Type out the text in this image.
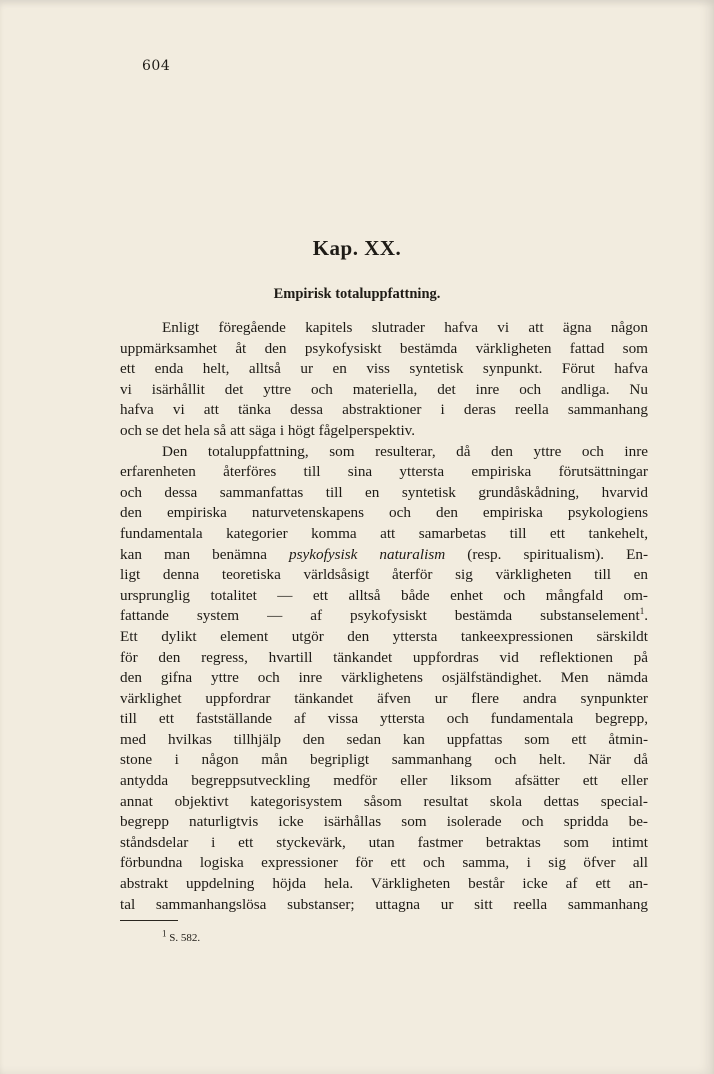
604
Kap. XX.
Empirisk totaluppfattning.
Enligt föregående kapitels slutrader hafva vi att ägna någon
uppmärksamhet åt den psykofysiskt bestämda värkligheten fattad som
ett enda helt, alltså ur en viss syntetisk synpunkt. Förut hafva
vi isärhållit det yttre och materiella, det inre och andliga. Nu
hafva vi att tänka dessa abstraktioner i deras reella sammanhang
och se det hela så att säga i högt fågelperspektiv.
Den totaluppfattning, som resulterar, då den yttre och inre
erfarenheten återföres till sina yttersta empiriska förutsättningar
och dessa sammanfattas till en syntetisk grundåskådning, hvarvid
den empiriska naturvetenskapens och den empiriska psykologiens
fundamentala kategorier komma att samarbetas till ett tankehelt,
kan man benämna psykofysisk naturalism (resp. spiritualism). En-
ligt denna teoretiska världsåsigt återför sig värkligheten till en
ursprunglig totalitet — ett alltså både enhet och mångfald om-
fattande system — af psykofysiskt bestämda substanselement$^1$.
Ett dylikt element utgör den yttersta tankeexpressionen särskildt
för den regress, hvartill tänkandet uppfordras vid reflektionen på
den gifna yttre och inre värklighetens osjälfständighet. Men nämda
värklighet uppfordrar tänkandet äfven ur flere andra synpunkter
till ett fastställande af vissa yttersta och fundamentala begrepp,
med hvilkas tillhjälp den sedan kan uppfattas som ett åtmin-
stone i någon mån begripligt sammanhang och helt. När då
antydda begreppsutveckling medför eller liksom afsätter ett eller
annat objektivt kategorisystem såsom resultat skola dettas special-
begrepp naturligtvis icke isärhållas som isolerade och spridda be-
ståndsdelar i ett styckevärk, utan fastmer betraktas som intimt
förbundna logiska expressioner för ett och samma, i sig öfver all
abstrakt uppdelning höjda hela. Värkligheten består icke af ett an-
tal sammanhangslösa substanser; uttagna ur sitt reella sammanhang
$^1$ S. 582.
